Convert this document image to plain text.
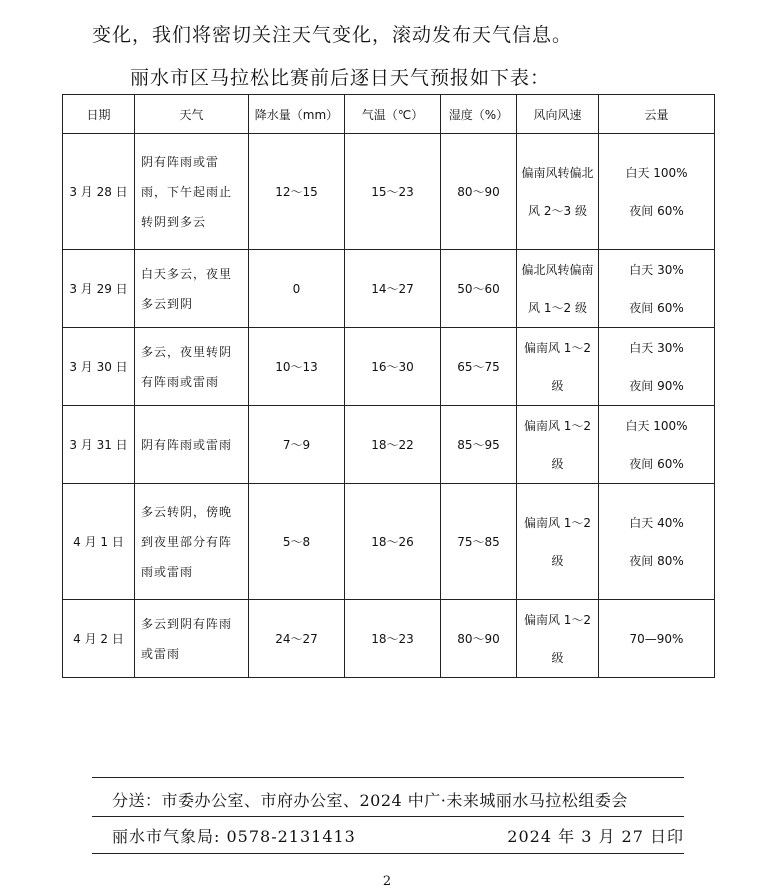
变化，我们将密切关注天气变化，滚动发布天气信息。
丽水市区马拉松比赛前后逐日天气预报如下表：
日期	天气	降水量（mm）	气温（℃）	湿度（%）	风向风速	云量
3 月 28 日	阴有阵雨或雷雨，下午起雨止转阴到多云	12～15	15～23	80～90	偏南风转偏北风 2～3 级	白天 100%
夜间 60%

3 月 29 日	白天多云，夜里多云到阴	0	14～27	50～60	偏北风转偏南风 1～2 级	白天 30%
夜间 60%

3 月 30 日	多云，夜里转阴有阵雨或雷雨	10～13	16～30	65～75	偏南风 1～2 级	白天 30%
夜间 90%

3 月 31 日	阴有阵雨或雷雨	7～9	18～22	85～95	偏南风 1～2 级	白天 100%
夜间 60%

4 月 1 日	多云转阴，傍晚到夜里部分有阵雨或雷雨	5～8	18～26	75～85	偏南风 1～2 级	白天 40%
夜间 80%

4 月 2 日	多云到阴有阵雨或雷雨	24～27	18～23	80～90	偏南风 1～2 级	70—90%
分送：市委办公室、市府办公室、2024 中广·未来城丽水马拉松组委会
丽水市气象局: 0578-2131413	2024 年 3 月 27 日印
2
